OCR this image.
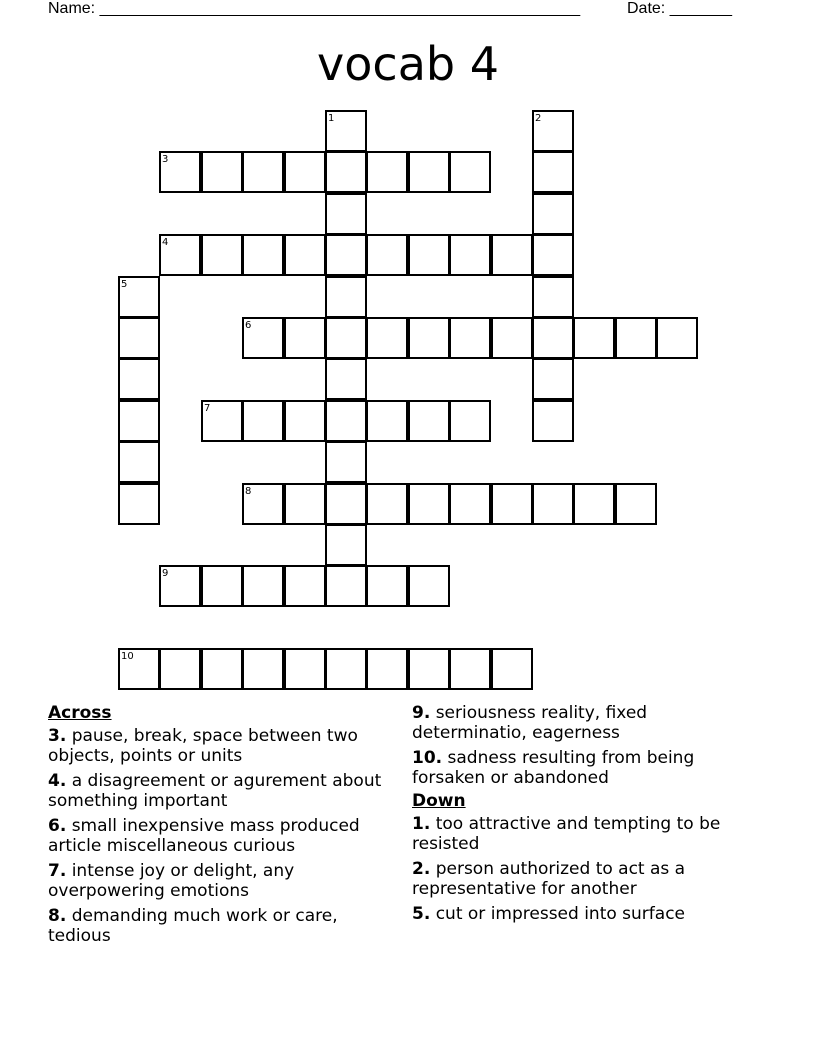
Name: ______________________________________________________	Date: _______
vocab 4
1	2
3
4
5
6
7
8
9
10
Across
3. pause, break, space between two objects, points or units
4. a disagreement or agurement about something important
6. small inexpensive mass produced article miscellaneous curious
7. intense joy or delight, any overpowering emotions
8. demanding much work or care, tedious
9. seriousness reality, fixed determinatio, eagerness
10. sadness resulting from being forsaken or abandoned
Down
1. too attractive and tempting to be resisted
2. person authorized to act as a representative for another
5. cut or impressed into surface
